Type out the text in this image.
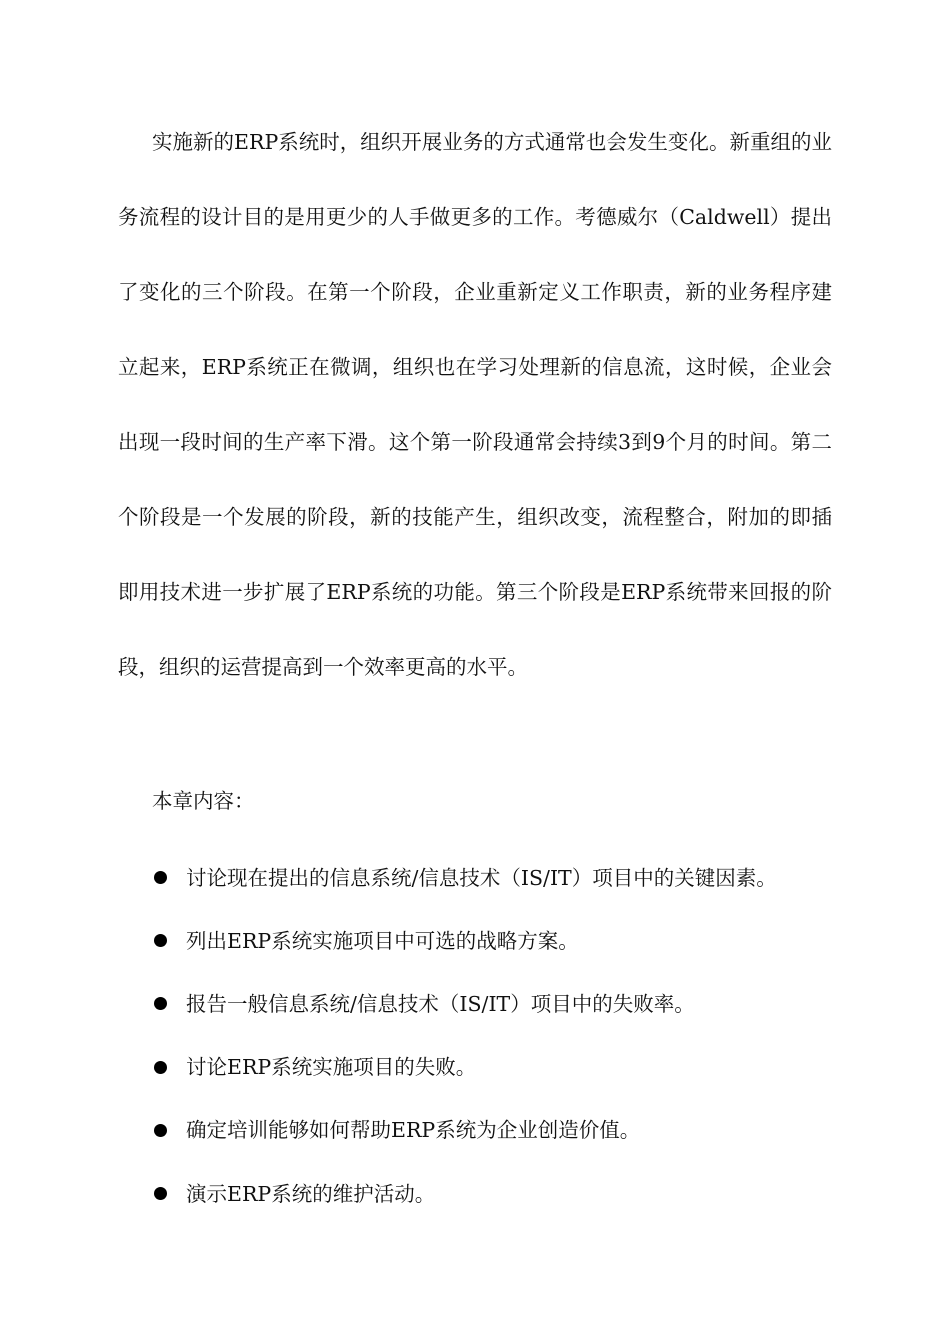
实施新的ERP系统时，组织开展业务的方式通常也会发生变化。新重组的业务流程的设计目的是用更少的人手做更多的工作。考德威尔（Caldwell）提出了变化的三个阶段。在第一个阶段，企业重新定义工作职责，新的业务程序建立起来，ERP系统正在微调，组织也在学习处理新的信息流，这时候，企业会出现一段时间的生产率下滑。这个第一阶段通常会持续3到9个月的时间。第二个阶段是一个发展的阶段，新的技能产生，组织改变，流程整合，附加的即插即用技术进一步扩展了ERP系统的功能。第三个阶段是ERP系统带来回报的阶段，组织的运营提高到一个效率更高的水平。

本章内容：

讨论现在提出的信息系统/信息技术（IS/IT）项目中的关键因素。
列出ERP系统实施项目中可选的战略方案。
报告一般信息系统/信息技术（IS/IT）项目中的失败率。
讨论ERP系统实施项目的失败。
确定培训能够如何帮助ERP系统为企业创造价值。
演示ERP系统的维护活动。
